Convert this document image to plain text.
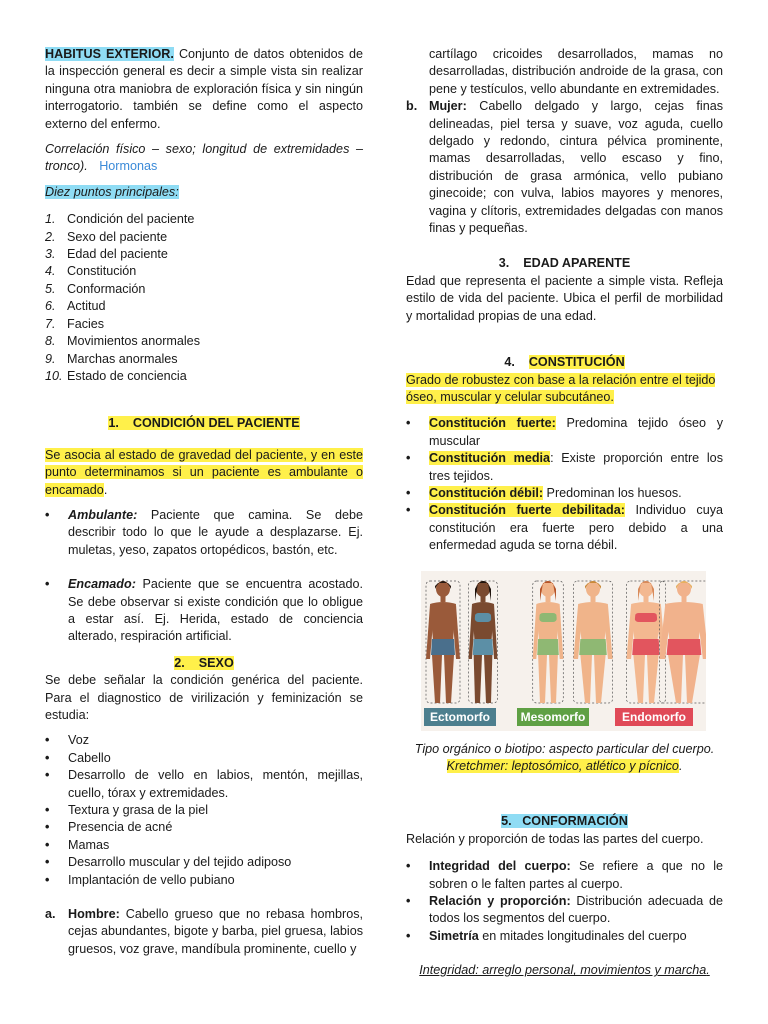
HABITUS EXTERIOR. Conjunto de datos obtenidos de la inspección general es decir a simple vista sin realizar ninguna otra maniobra de exploración física y sin ningún interrogatorio. también se define como el aspecto externo del enfermo.

Correlación físico – sexo; longitud de extremidades – tronco). Hormonas

Diez puntos principales:

1. Condición del paciente
2. Sexo del paciente
3. Edad del paciente
4. Constitución
5. Conformación
6. Actitud
7. Facies
8. Movimientos anormales
9. Marchas anormales
10. Estado de conciencia

1. CONDICIÓN DEL PACIENTE

Se asocia al estado de gravedad del paciente, y en este punto determinamos si un paciente es ambulante o encamado.

• Ambulante: Paciente que camina. Se debe describir todo lo que le ayude a desplazarse. Ej. muletas, yeso, zapatos ortopédicos, bastón, etc.
• Encamado: Paciente que se encuentra acostado. Se debe observar si existe condición que lo obligue a estar así. Ej. Herida, estado de conciencia alterado, respiración artificial.

2. SEXO

Se debe señalar la condición genérica del paciente. Para el diagnostico de virilización y feminización se estudia:

• Voz
• Cabello
• Desarrollo de vello en labios, mentón, mejillas, cuello, tórax y extremidades.
• Textura y grasa de la piel
• Presencia de acné
• Mamas
• Desarrollo muscular y del tejido adiposo
• Implantación de vello pubiano
a. Hombre: Cabello grueso que no rebasa hombros, cejas abundantes, bigote y barba, piel gruesa, labios gruesos, voz grave, mandíbula prominente, cuello y

cartílago cricoides desarrollados, mamas no desarrolladas, distribución androide de la grasa, con pene y testículos, vello abundante en extremidades.

b. Mujer: Cabello delgado y largo, cejas finas delineadas, piel tersa y suave, voz aguda, cuello delgado y redondo, cintura pélvica prominente, mamas desarrolladas, vello escaso y fino, distribución de grasa armónica, vello pubiano ginecoide; con vulva, labios mayores y menores, vagina y clítoris, extremidades delgadas con manos finas y pequeñas.

3. EDAD APARENTE

Edad que representa el paciente a simple vista. Refleja estilo de vida del paciente. Ubica el perfil de morbilidad y mortalidad propias de una edad.

4. CONSTITUCIÓN

Grado de robustez con base a la relación entre el tejido óseo, muscular y celular subcutáneo.

• Constitución fuerte: Predomina tejido óseo y muscular
• Constitución media: Existe proporción entre los tres tejidos.
• Constitución débil: Predominan los huesos.
• Constitución fuerte debilitada: Individuo cuya constitución era fuerte pero debido a una enfermedad aguda se torna débil.
Ectomorfo	Mesomorfo	Endomorfo

Tipo orgánico o biotipo: aspecto particular del cuerpo.

Kretchmer: leptosómico, atlético y pícnico.

5. CONFORMACIÓN

Relación y proporción de todas las partes del cuerpo.

• Integridad del cuerpo: Se refiere a que no le sobren o le falten partes al cuerpo.
• Relación y proporción: Distribución adecuada de todos los segmentos del cuerpo.
• Simetría en mitades longitudinales del cuerpo

Integridad: arreglo personal, movimientos y marcha.
